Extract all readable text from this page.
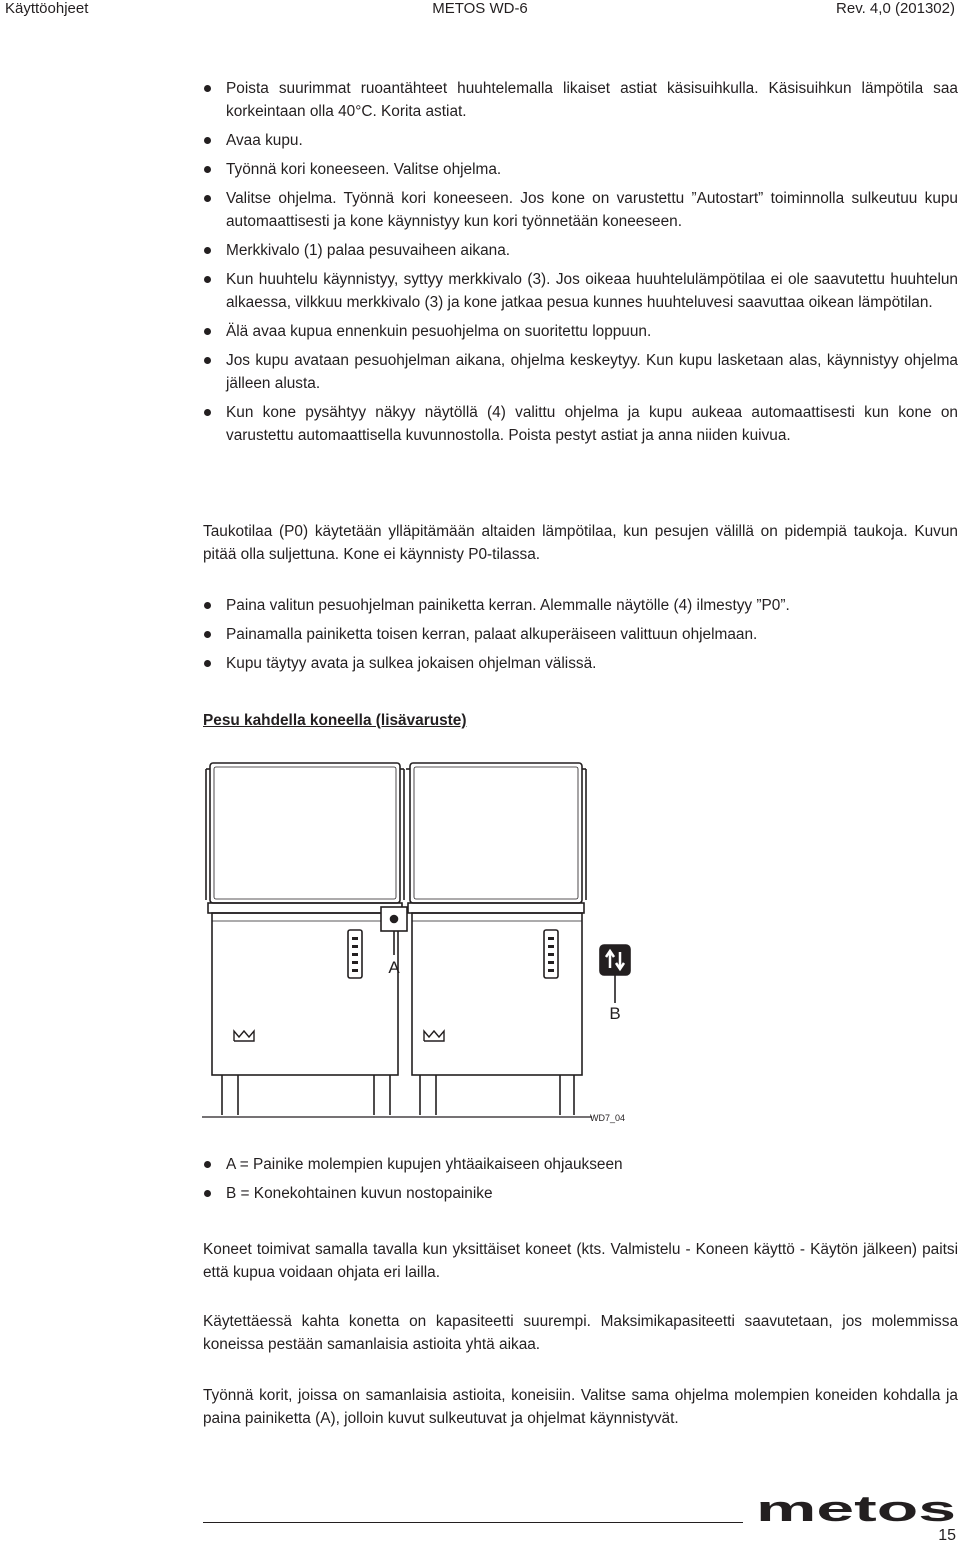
Käyttöohjeet	METOS WD-6	Rev. 4,0 (201302)
Poista suurimmat ruoantähteet huuhtelemalla likaiset astiat käsisuihkulla. Käsisuihkun lämpötila saa korkeintaan olla 40°C. Korita astiat.
Avaa kupu.
Työnnä kori koneeseen. Valitse ohjelma.
Valitse ohjelma. Työnnä kori koneeseen. Jos kone on varustettu ”Autostart” toiminnolla sulkeutuu kupu automaattisesti ja kone käynnistyy kun kori työnnetään koneeseen.
Merkkivalo (1) palaa pesuvaiheen aikana.
Kun huuhtelu käynnistyy, syttyy merkkivalo (3). Jos oikeaa huuhtelulämpötilaa ei ole saavutettu huuhtelun alkaessa, vilkkuu merkkivalo (3) ja kone jatkaa pesua kunnes huuhteluvesi saavuttaa oikean lämpötilan.
Älä avaa kupua ennenkuin pesuohjelma on suoritettu loppuun.
Jos kupu avataan pesuohjelman aikana, ohjelma keskeytyy. Kun kupu lasketaan alas, käynnistyy ohjelma jälleen alusta.
Kun kone pysähtyy näkyy näytöllä (4) valittu ohjelma ja kupu aukeaa automaattisesti kun kone on varustettu automaattisella kuvunnostolla. Poista pestyt astiat ja anna niiden kuivua.

Taukotilaa (P0) käytetään ylläpitämään altaiden lämpötilaa, kun pesujen välillä on pidempiä taukoja. Kuvun pitää olla suljettuna. Kone ei käynnisty P0-tilassa.

Paina valitun pesuohjelman painiketta kerran. Alemmalle näytölle (4) ilmestyy ”P0”.
Painamalla painiketta toisen kerran, palaat alkuperäiseen valittuun ohjelmaan.
Kupu täytyy avata ja sulkea jokaisen ohjelman välissä.
Pesu kahdella koneella (lisävaruste)
A
B
WD7_04
A = Painike molempien kupujen yhtäaikaiseen ohjaukseen
B = Konekohtainen kuvun nostopainike

Koneet toimivat samalla tavalla kun yksittäiset koneet (kts. Valmistelu - Koneen käyttö - Käytön jälkeen) paitsi että kupua voidaan ohjata eri lailla.

Käytettäessä kahta konetta on kapasiteetti suurempi. Maksimikapasiteetti saavutetaan, jos molemmissa koneissa pestään samanlaisia astioita yhtä aikaa.

Työnnä korit, joissa on samanlaisia astioita, koneisiin. Valitse sama ohjelma molempien koneiden kohdalla ja paina painiketta (A), jolloin kuvut sulkeutuvat ja ohjelmat käynnistyvät.

metos
15
